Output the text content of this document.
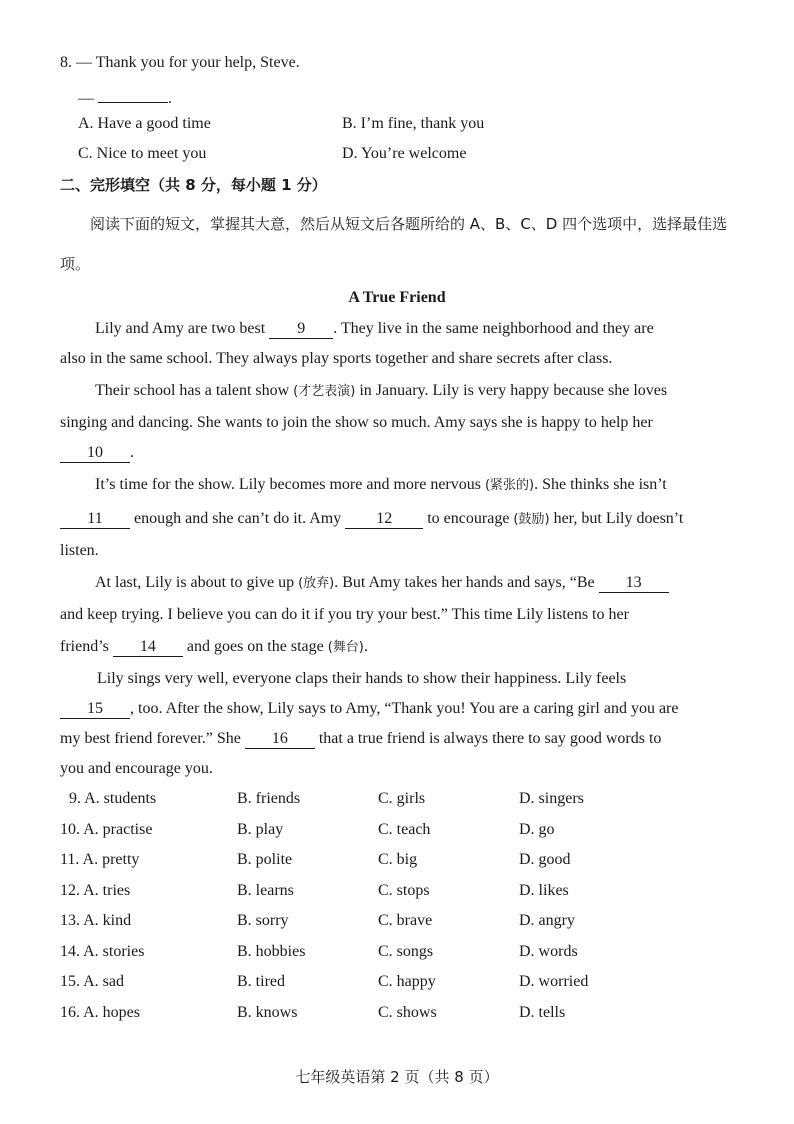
8. — Thank you for your help, Steve.
—	.
A. Have a good time	B. I’m fine, thank you
C. Nice to meet you	D. You’re welcome
二、完形填空（共 8 分，每小题 1 分）
阅读下面的短文，掌握其大意，然后从短文后各题所给的 A、B、C、D 四个选项中，选择最佳选项。
A True Friend
Lily and Amy are two best 9 . They live in the same neighborhood and they are
also in the same school. They always play sports together and share secrets after class.
Their school has a talent show (才艺表演) in January. Lily is very happy because she loves
singing and dancing. She wants to join the show so much. Amy says she is happy to help her
10 .
It’s time for the show. Lily becomes more and more nervous (紧张的). She thinks she isn’t
11 enough and she can’t do it. Amy 12 to encourage (鼓励) her, but Lily doesn’t
listen.
At last, Lily is about to give up (放弃). But Amy takes her hands and says, “Be 13
and keep trying. I believe you can do it if you try your best.” This time Lily listens to her
friend’s 14 and goes on the stage (舞台).
Lily sings very well, everyone claps their hands to show their happiness. Lily feels
15 , too. After the show, Lily says to Amy, “Thank you! You are a caring girl and you are
my best friend forever.” She 16 that a true friend is always there to say good words to
you and encourage you.
9. A. students	B. friends	C. girls	D. singers
10. A. practise	B. play	C. teach	D. go
11. A. pretty	B. polite	C. big	D. good
12. A. tries	B. learns	C. stops	D. likes
13. A. kind	B. sorry	C. brave	D. angry
14. A. stories	B. hobbies	C. songs	D. words
15. A. sad	B. tired	C. happy	D. worried
16. A. hopes	B. knows	C. shows	D. tells
七年级英语第 2 页（共 8 页）
